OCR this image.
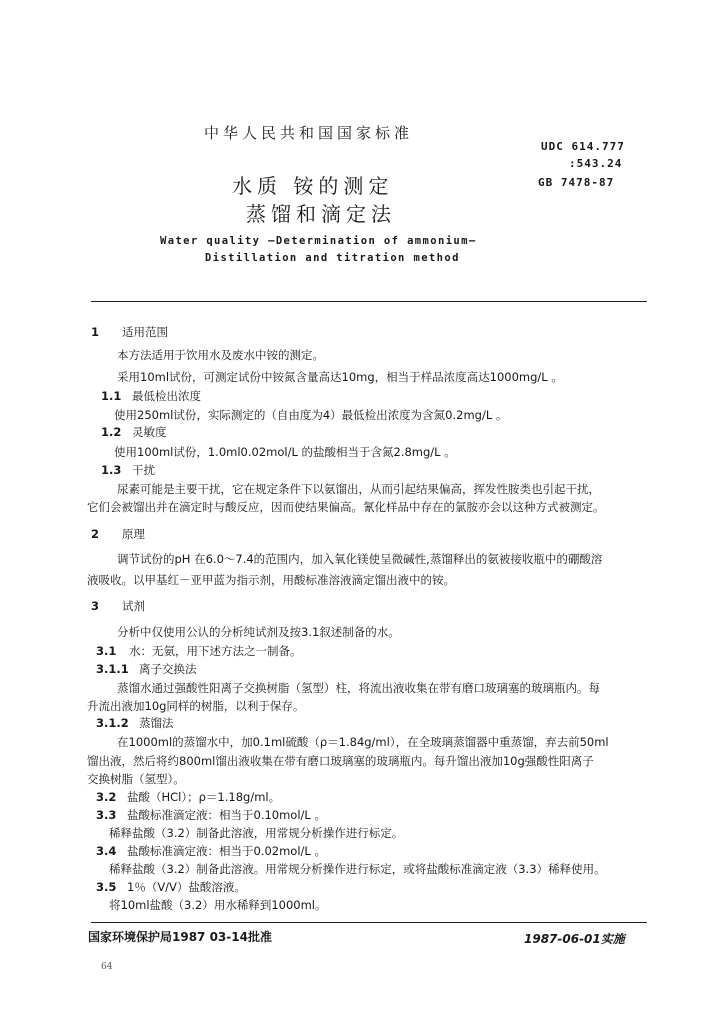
中华人民共和国国家标准
UDC 614.777
:543.24
GB 7478-87
水质 铵的测定
蒸馏和滴定法
Water quality —Determination of ammonium—
Distillation and titration method
1 适用范围
本方法适用于饮用水及废水中铵的测定。
采用10ml试份，可测定试份中铵氮含量高达10mg，相当于样品浓度高达1000mg/L 。
1.1 最低检出浓度
使用250ml试份，实际测定的（自由度为4）最低检出浓度为含氮0.2mg/L 。
1.2 灵敏度
使用100ml试份，1.0ml0.02mol/L 的盐酸相当于含氮2.8mg/L 。
1.3 干扰
尿素可能是主要干扰，它在规定条件下以氨馏出，从而引起结果偏高，挥发性胺类也引起干扰，
它们会被馏出并在滴定时与酸反应，因而使结果偏高。氰化样品中存在的氯胺亦会以这种方式被测定。
2 原理
调节试份的pH 在6.0～7.4的范围内，加入氧化镁使呈微碱性,蒸馏释出的氨被接收瓶中的硼酸溶
液吸收。以甲基红－亚甲蓝为指示剂，用酸标准溶液滴定馏出液中的铵。
3 试剂
分析中仅使用公认的分析纯试剂及按3.1叙述制备的水。
3.1 水：无氨，用下述方法之一制备。
3.1.1 离子交换法
蒸馏水通过强酸性阳离子交换树脂（氢型）柱，将流出液收集在带有磨口玻璃塞的玻璃瓶内。每
升流出液加10g同样的树脂，以利于保存。
3.1.2 蒸馏法
在1000ml的蒸馏水中，加0.1ml硫酸（ρ＝1.84g/ml），在全玻璃蒸馏器中重蒸馏，弃去前50ml
馏出液，然后将约800ml馏出液收集在带有磨口玻璃塞的玻璃瓶内。每升馏出液加10g强酸性阳离子
交换树脂（氢型）。
3.2 盐酸（HCl）；ρ＝1.18g/ml。
3.3 盐酸标准滴定液：相当于0.10mol/L 。
稀释盐酸（3.2）制备此溶液，用常规分析操作进行标定。
3.4 盐酸标准滴定液：相当于0.02mol/L 。
稀释盐酸（3.2）制备此溶液。用常规分析操作进行标定，或将盐酸标准滴定液（3.3）稀释使用。
3.5 1％（V/V）盐酸溶液。
将10ml盐酸（3.2）用水稀释到1000ml。
国家环境保护局1987 03-14批准	1987-06-01实施
64
